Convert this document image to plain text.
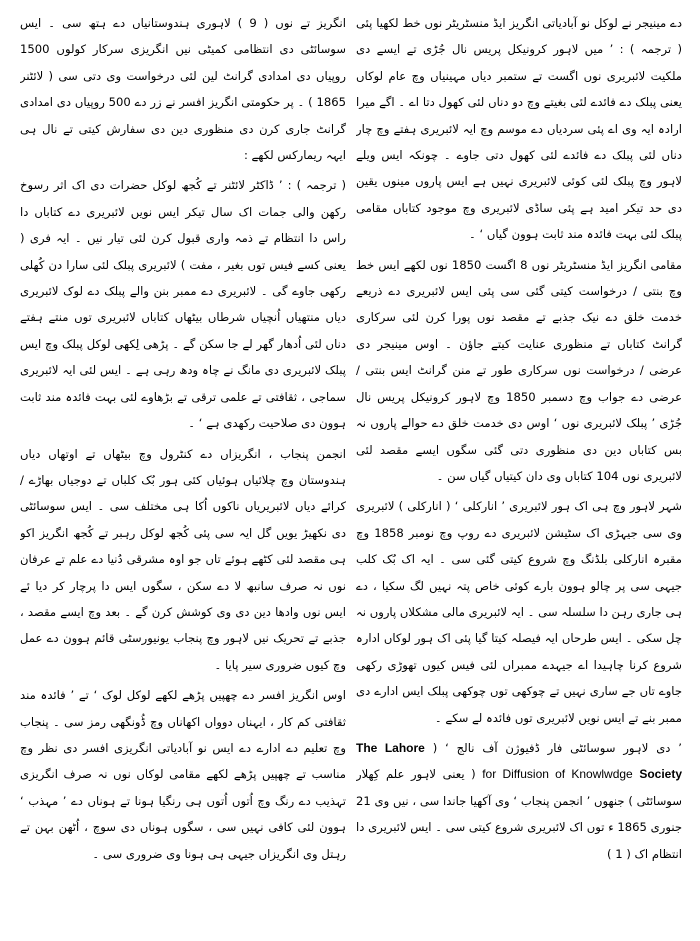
دے مینیجر نے لوکل نو آبادیاتی انگریز ایڈ منسٹریٹر نوں خط لکھیا پئی ( ترجمہ ) : ’ میں لاہور کرونیکل پریس نال جُڑی تے ایسے دی ملکیت لائبریری نوں اگست تے ستمبر دیاں مہینیاں وچ عام لوکاں یعنی پبلک دے فائدے لئی بغیتے وچ دو دناں لئی کھول دتا اے ۔ اگے میرا ارادہ ایہ وی اے پئی سردیاں دے موسم وچ ایہ لائبریری ہفتے وچ چار دناں لئی پبلک دے فائدے لئی کھول دتی جاوے ۔ چونکہ ایس ویلے لاہور وچ پبلک لئی کوئی لائبریری نہیں ہے ایس پاروں مینوں یقین دی حد تیکر امید ہے پئی ساڈی لائبریری وچ موجود کتاباں مقامی پبلک لئی بہت فائدہ مند ثابت ہوون گیاں ‘ ۔

مقامی انگریز ایڈ منسٹریٹر نوں 8 اگست 1850 نوں لکھے ایس خط وچ بنتی / درخواست کیتی گئی سی پئی ایس لائبریری دے ذریعے خدمت خلق دے نیک جذبے تے مقصد نوں پورا کرن لئی سرکاری گرانٹ کتاباں تے منظوری عنایت کیتے جاؤن ۔ اوس مینیجر دی عرضی / درخواست نوں سرکاری طور تے منن گرانٹ ایس بنتی / عرضی دے جواب وچ دسمبر 1850 وچ لاہور کرونیکل پریس نال جُڑی ’ پبلک لائبریری نوں ‘ اوس دی خدمت خلق دے حوالے پاروں نہ بس کتاباں دین دی منظوری دتی گئی سگوں ایسے مقصد لئی لائبریری نوں 104 کتاباں وی دان کیتیاں گیاں سن ۔

شہر لاہور وچ ہی اک ہور لائبریری ’ انارکلی ‘ ( انارکلی ) لائبریری وی سی جیہڑی اک سٹیشن لائبریری دے روپ وچ نومبر 1858 وچ مقبرہ انارکلی بلڈنگ وچ شروع کیتی گئی سی ۔ ایہ اک بُک کلب جیہی سی پر چالو ہوون بارے کوئی خاص پتہ نہیں لگ سکیا ، دے ہی جاری رہن دا سلسلہ سی ۔ ایہ لائبریری مالی مشکلاں پاروں نہ چل سکی ۔ ایس طرحاں ایہ فیصلہ کیتا گیا پئی اک ہور لوکاں ادارہ شروع کرنا چاہیدا اے جیہدے ممبراں لئی فیس کیوں تھوڑی رکھی جاوے تاں جے ساری نہیں تے چوکھی توں چوکھی پبلک ایس ادارے دی ممبر بنے تے ایس نویں لائبریری توں فائدہ لے سکے ۔

’ دی لاہور سوسائٹی فار ڈفیوژن آف نالج ‘ ( The Lahore Society for Diffusion of Knowlwdge ( یعنی لاہور علم کِھلار سوسائٹی ) جنھوں ’ انجمن پنجاب ‘ وی آکھیا جاندا سی ، نیں وی 21 جنوری 1865 ء توں اک لائبریری شروع کیتی سی ۔ ایس لائبریری دا انتظام اک ( 1 )

انگریز تے نوں ( 9 ) لاہوری ہندوستانیاں دے ہتھ سی ۔ ایس سوسائٹی دی انتظامی کمیٹی نیں انگریزی سرکار کولوں 1500 روپیاں دی امدادی گرانٹ لین لئی درخواست وی دتی سی ( لائٹنر 1865 ) ۔ پر حکومتی انگریز افسر نے زر دے 500 روپیاں دی امدادی گرانٹ جاری کرن دی منظوری دین دی سفارش کیتی تے نال ہی ایہہ ریمارکس لکھے :

( ترجمہ ) : ’ ڈاکٹر لائٹنر تے کُجھ لوکل حضرات دی اک اثر رسوخ رکھن والی جمات اک سال تیکر ایس نویں لائبریری دے کتاباں دا راس دا انتظام تے ذمہ واری قبول کرن لئی تیار نیں ۔ ایہ فری ( یعنی کسے فیس توں بغیر ، مفت ) لائبریری پبلک لئی سارا دن کُھلی رکھی جاوے گی ۔ لائبریری دے ممبر بنن والے پبلک دے لوک لائبریری دیاں منتھیاں اُنچیاں شرطاں بیٹھاں کتاباں لائبریری توں منتے ہفتے دناں لئی اُدھار گھر لے جا سکن گے ۔ پڑھی لِکھی لوکل پبلک وچ ایس پبلک لائبریری دی مانگ نے چاہ ودھ رہی ہے ۔ ایس لئی ایہ لائبریری سماجی ، ثقافتی تے علمی ترقی تے بڑھاوے لئی بہت فائدہ مند ثابت ہوون دی صلاحیت رکھدی ہے ‘ ۔

انجمن پنجاب ، انگریزاں دے کنٹرول وچ بیٹھاں تے اوتھاں دیاں ہندوستان وچ چلائیاں ہوئیاں کئی ہور بُک کلباں تے دوجیاں بھاڑے / کرائے دیاں لائبریریاں ناکوں اُکا ہی مختلف سی ۔ ایس سوسائٹی دی نکھیڑ یویں گل ایہ سی پئی کُجھ لوکل رہبر تے کُجھ انگریز اکو ہی مقصد لئی کٹھے ہوئے تاں جو اوہ مشرقی دُنیا دے علم تے عرفان نوں نہ صرف سانبھ لا دے سکن ، سگوں ایس دا پرچار کر دیا ئے ایس نوں وادھا دین دی وی کوشش کرن گے ۔ بعد وچ ایسے مقصد ، جذبے تے تحریک نیں لاہور وچ پنجاب یونیورسٹی قائم ہوون دے عمل وچ کیوں ضروری سیر پایا ۔

اوس انگریز افسر دے چھپیں پڑھے لکھے لوکل لوک ‘ تے ’ فائدہ مند ثقافتی کم کار ، ایہناں دوواں اکھاناں وچ ڈُونگھی رمز سی ۔ پنجاب وچ تعلیم دے ادارے دے ایس نو آبادیاتی انگریزی افسر دی نظر وچ مناسب تے چھپیں پڑھے لکھے مقامی لوکاں نوں نہ صرف انگریزی تہذیب دے رنگ وچ اُتوں اُتوں ہی رنگیا ہونا تے ہوناں دے ’ مہذب ‘ ہوون لئی کافی نہیں سی ، سگوں ہوناں دی سوچ ، اُٹھن بہن تے رہتل وی انگریزاں جیہی ہی ہونا وی ضروری سی ۔
